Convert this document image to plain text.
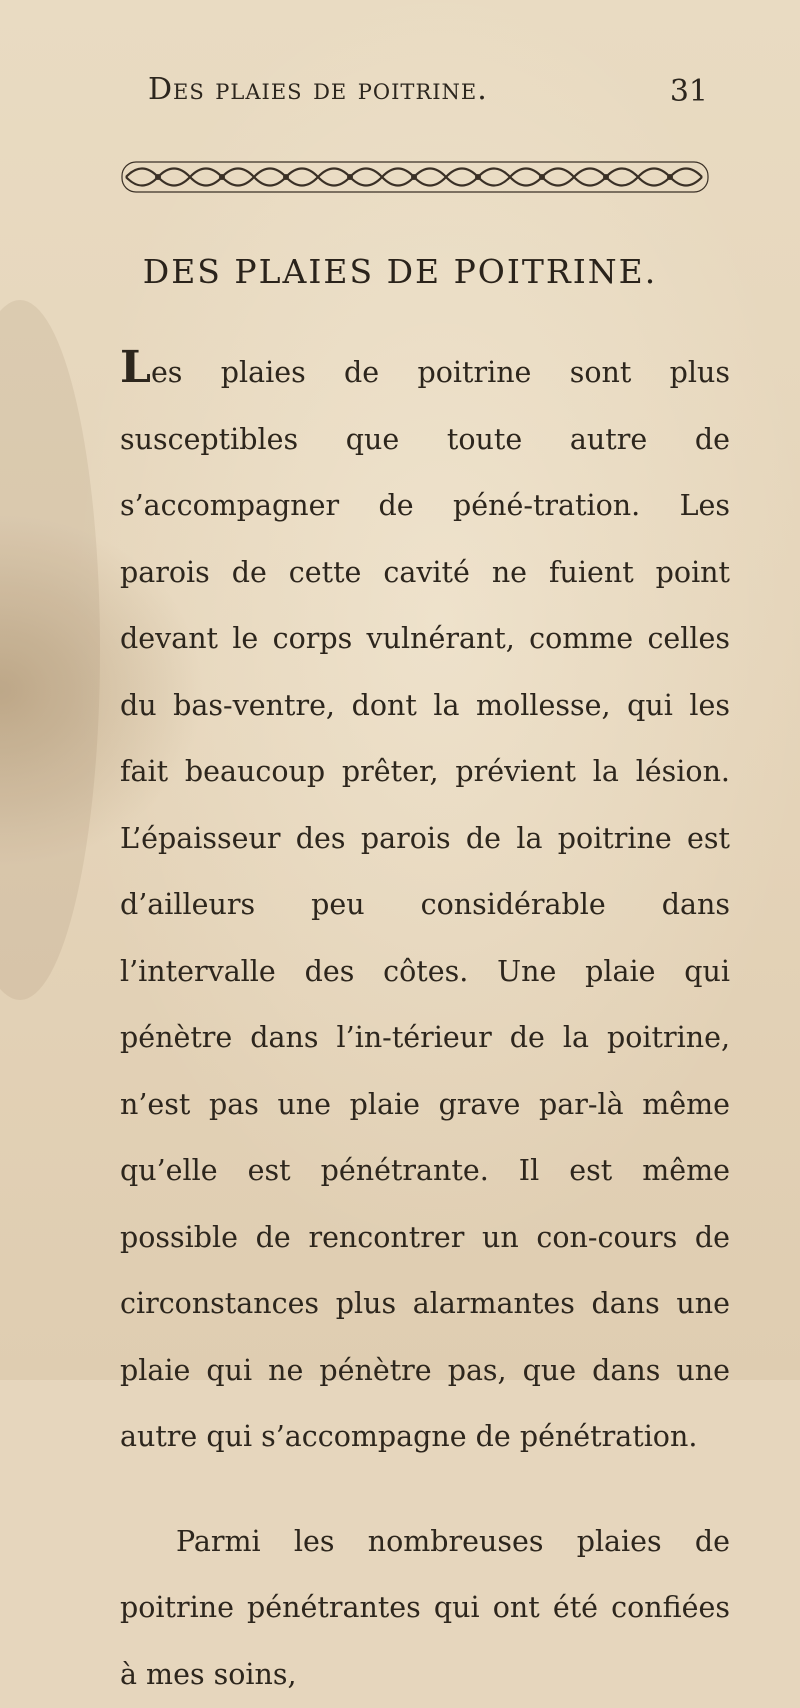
Des plaies de poitrine.	31
DES PLAIES DE POITRINE.

Les plaies de poitrine sont plus susceptibles que toute autre de s’accompagner de péné-tration. Les parois de cette cavité ne fuient point devant le corps vulnérant, comme celles du bas-ventre, dont la mollesse, qui les fait beaucoup prêter, prévient la lésion. L’épaisseur des parois de la poitrine est d’ailleurs peu considérable dans l’intervalle des côtes. Une plaie qui pénètre dans l’in-térieur de la poitrine, n’est pas une plaie grave par-là même qu’elle est pénétrante. Il est même possible de rencontrer un con-cours de circonstances plus alarmantes dans une plaie qui ne pénètre pas, que dans une autre qui s’accompagne de pénétration.

Parmi les nombreuses plaies de poitrine pénétrantes qui ont été confiées à mes soins,
